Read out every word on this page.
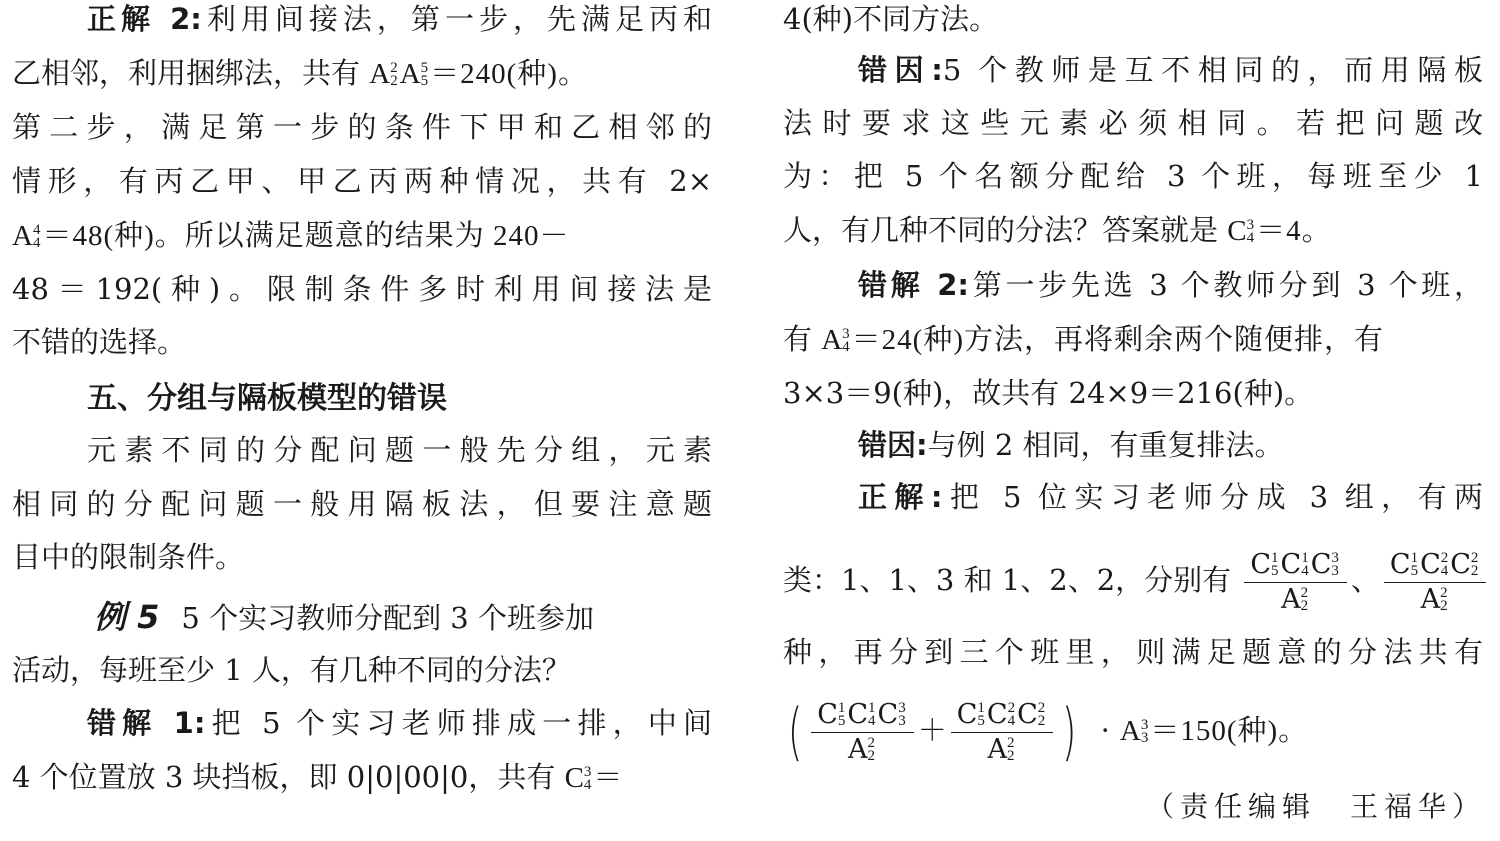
正解 2:利用间接法，第一步，先满足丙和
乙相邻，利用捆绑法，共有 A 2
2 A 5
5 ＝240(种)。
第二步，满足第一步的条件下甲和乙相邻的
情形，有丙乙甲、甲乙丙两种情况，共有 2×
A 4
4 ＝48(种)。所以满足题意的结果为 240－
48＝192(种)。限制条件多时利用间接法是
不错的选择。
五、分组与隔板模型的错误
元素不同的分配问题一般先分组，元素
相同的分配问题一般用隔板法，但要注意题
目中的限制条件。
例 5 5 个实习教师分配到 3 个班参加
活动，每班至少 1 人，有几种不同的分法？
错解 1:把 5 个实习老师排成一排，中间
4 个位置放 3 块挡板，即 0|0|00|0，共有 C 3
4 ＝
4(种)不同方法。
错因:5 个教师是互不相同的，而用隔板
法时要求这些元素必须相同。若把问题改
为：把 5 个名额分配给 3 个班，每班至少 1
人，有几种不同的分法？答案就是 C 3
4 ＝4。
错解 2:第一步先选 3 个教师分到 3 个班，
有 A 3
4 ＝24(种)方法，再将剩余两个随便排，有
3×3＝9(种)，故共有 24×9＝216(种)。
错因:与例 2 相同，有重复排法。
正解:把 5 位实习老师分成 3 组，有两
类：1、1、3 和 1、2、2，分别有 C 1
5 C 1
4 C 3
3
A 2
2 、 C 1
5 C 2
4 C 2
2
A 2
2
种，再分到三个班里，则满足题意的分法共有
( C 1
5 C 1
4 C 3
3
A 2
2 ＋ C 1
5 C 2
4 C 2
2
A 2
2 ) · A 3
3 ＝150(种)。
（责任编辑　王福华）
